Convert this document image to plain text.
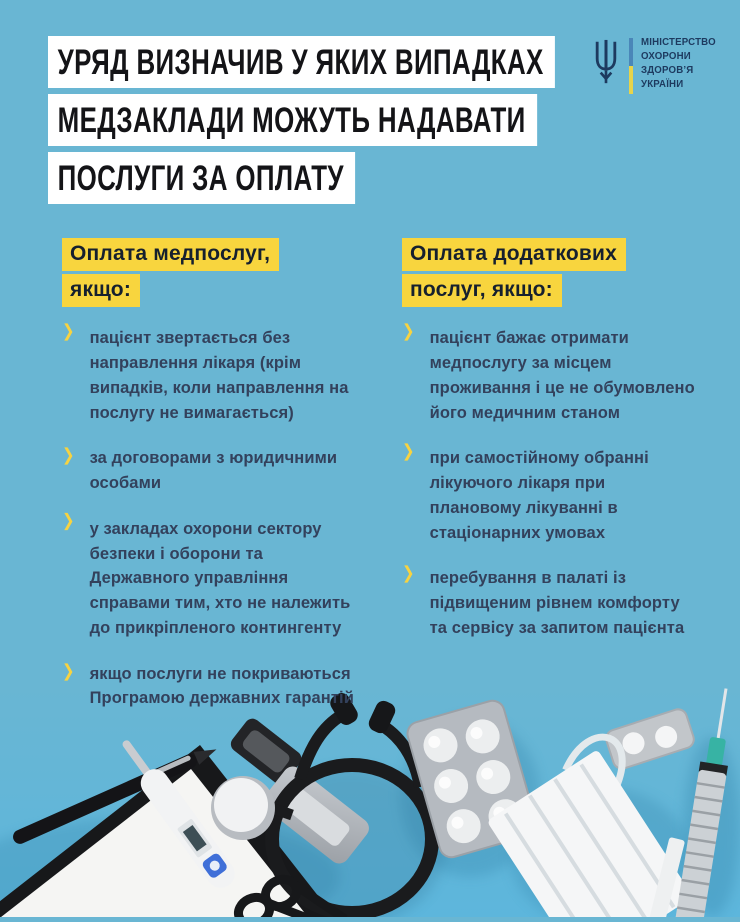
УРЯД ВИЗНАЧИВ У ЯКИХ ВИПАДКАХ
МЕДЗАКЛАДИ МОЖУТЬ НАДАВАТИ
ПОСЛУГИ ЗА ОПЛАТУ
МІНІСТЕРСТВО
ОХОРОНИ
ЗДОРОВ’Я
УКРАЇНИ
Оплата медпослуг,
якщо:
❯ пацієнт звертається без направлення лікаря (крім випадків, коли направлення на послугу не вимагається)
❯ за договорами з юридичними особами
❯ у закладах охорони сектору безпеки і оборони та Державного управління справами тим, хто не належить до прикріпленого контингенту
❯ якщо послуги не покриваються Програмою державних гарантій
Оплата додаткових
послуг, якщо:
❯ пацієнт бажає отримати медпослугу за місцем проживання і це не обумовлено його медичним станом
❯ при самостійному обранні лікуючого лікаря при плановому лікуванні в стаціонарних умовах
❯ перебування в палаті із підвищеним рівнем комфорту та сервісу за запитом пацієнта
